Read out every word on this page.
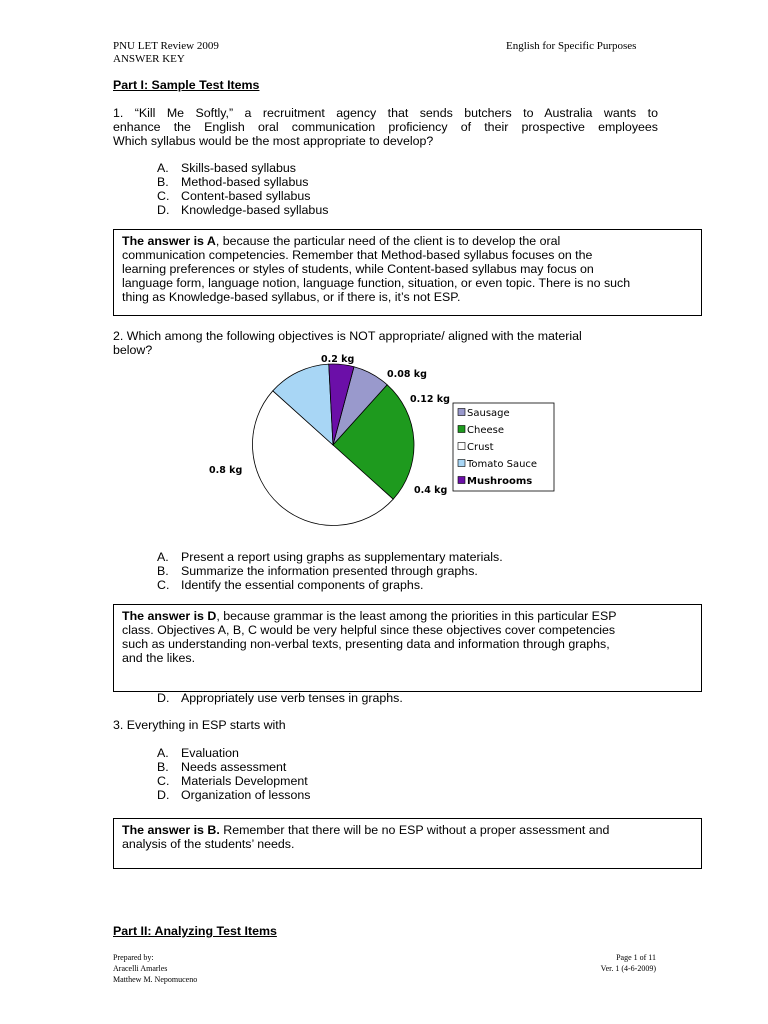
PNU LET Review 2009
ANSWER KEY
English for Specific Purposes
Part I: Sample Test Items
1. “Kill Me Softly,” a recruitment agency that sends butchers to Australia wants to
enhance the English oral communication proficiency of their prospective employees
Which syllabus would be the most appropriate to develop?
A. Skills-based syllabus
B. Method-based syllabus
C. Content-based syllabus
D. Knowledge-based syllabus
The answer is A, because the particular need of the client is to develop the oral
communication competencies. Remember that Method-based syllabus focuses on the
learning preferences or styles of students, while Content-based syllabus may focus on
language form, language notion, language function, situation, or even topic. There is no such
thing as Knowledge-based syllabus, or if there is, it’s not ESP.
2. Which among the following objectives is NOT appropriate/ aligned with the material
below?
0.12 kg
0.4 kg
0.8 kg
0.2 kg
0.08 kg
Sausage
Cheese
Crust
Tomato Sauce
Mushrooms
A. Present a report using graphs as supplementary materials.
B. Summarize the information presented through graphs.
C. Identify the essential components of graphs.
The answer is D, because grammar is the least among the priorities in this particular ESP
class. Objectives A, B, C would be very helpful since these objectives cover competencies
such as understanding non-verbal texts, presenting data and information through graphs,
and the likes.
D. Appropriately use verb tenses in graphs.
3. Everything in ESP starts with
A. Evaluation
B. Needs assessment
C. Materials Development
D. Organization of lessons
The answer is B. Remember that there will be no ESP without a proper assessment and
analysis of the students’ needs.
Part II: Analyzing Test Items
Prepared by:
Aracelli Amarles
Matthew M. Nepomuceno
Page 1 of 11
Ver. 1 (4-6-2009)
